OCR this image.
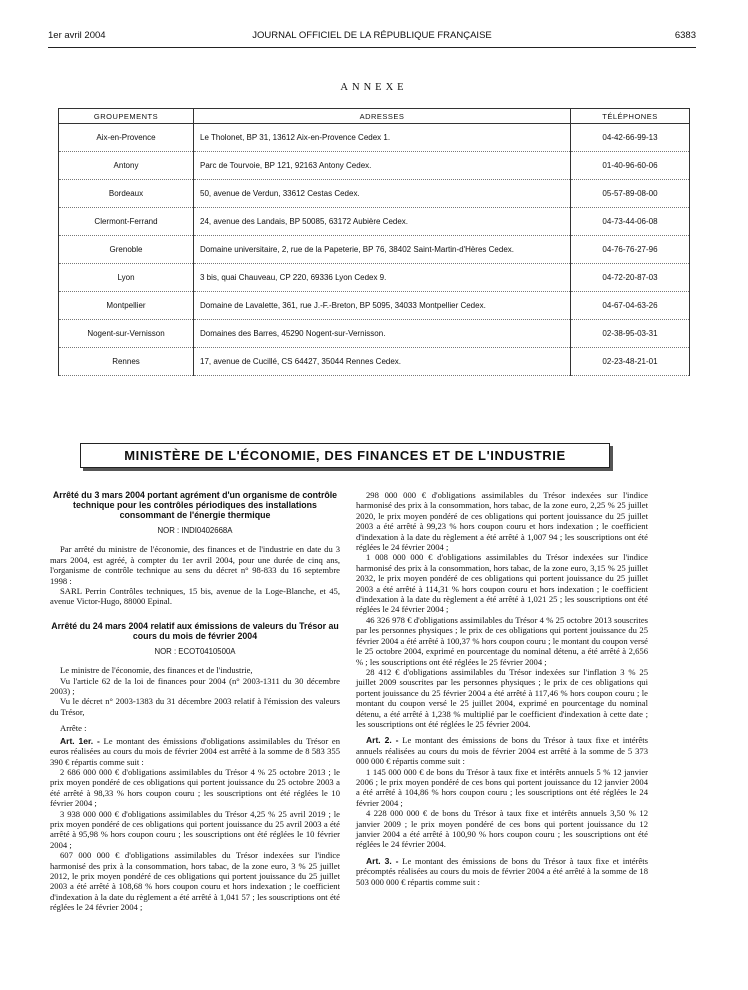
1er avril 2004	JOURNAL OFFICIEL DE LA RÉPUBLIQUE FRANÇAISE	6383
ANNEXE
GROUPEMENTS	ADRESSES	TÉLÉPHONES
Aix-en-Provence	Le Tholonet, BP 31, 13612 Aix-en-Provence Cedex 1.	04-42-66-99-13
Antony	Parc de Tourvoie, BP 121, 92163 Antony Cedex.	01-40-96-60-06
Bordeaux	50, avenue de Verdun, 33612 Cestas Cedex.	05-57-89-08-00
Clermont-Ferrand	24, avenue des Landais, BP 50085, 63172 Aubière Cedex.	04-73-44-06-08
Grenoble	Domaine universitaire, 2, rue de la Papeterie, BP 76, 38402 Saint-Martin-d'Hères Cedex.	04-76-76-27-96
Lyon	3 bis, quai Chauveau, CP 220, 69336 Lyon Cedex 9.	04-72-20-87-03
Montpellier	Domaine de Lavalette, 361, rue J.-F.-Breton, BP 5095, 34033 Montpellier Cedex.	04-67-04-63-26
Nogent-sur-Vernisson	Domaines des Barres, 45290 Nogent-sur-Vernisson.	02-38-95-03-31
Rennes	17, avenue de Cucillé, CS 64427, 35044 Rennes Cedex.	02-23-48-21-01
MINISTÈRE DE L'ÉCONOMIE, DES FINANCES ET DE L'INDUSTRIE
Arrêté du 3 mars 2004 portant agrément d'un organisme de contrôle technique pour les contrôles périodiques des installations consommant de l'énergie thermique
NOR : INDI0402668A

Par arrêté du ministre de l'économie, des finances et de l'industrie en date du 3 mars 2004, est agréé, à compter du 1er avril 2004, pour une durée de cinq ans, l'organisme de contrôle technique au sens du décret n° 98-833 du 16 septembre 1998 :

SARL Perrin Contrôles techniques, 15 bis, avenue de la Loge-Blanche, et 45, avenue Victor-Hugo, 88000 Epinal.

Arrêté du 24 mars 2004 relatif aux émissions de valeurs du Trésor au cours du mois de février 2004
NOR : ECOT0410500A

Le ministre de l'économie, des finances et de l'industrie,

Vu l'article 62 de la loi de finances pour 2004 (n° 2003-1311 du 30 décembre 2003) ;

Vu le décret n° 2003-1383 du 31 décembre 2003 relatif à l'émission des valeurs du Trésor,

Arrête :

Art. 1er. - Le montant des émissions d'obligations assimilables du Trésor en euros réalisées au cours du mois de février 2004 est arrêté à la somme de 8 583 355 390 € répartis comme suit :

2 686 000 000 € d'obligations assimilables du Trésor 4 % 25 octobre 2013 ; le prix moyen pondéré de ces obligations qui portent jouissance du 25 octobre 2003 a été arrêté à 98,33 % hors coupon couru ; les souscriptions ont été réglées le 10 février 2004 ;

3 938 000 000 € d'obligations assimilables du Trésor 4,25 % 25 avril 2019 ; le prix moyen pondéré de ces obligations qui portent jouissance du 25 avril 2003 a été arrêté à 95,98 % hors coupon couru ; les souscriptions ont été réglées le 10 février 2004 ;

607 000 000 € d'obligations assimilables du Trésor indexées sur l'indice harmonisé des prix à la consommation, hors tabac, de la zone euro, 3 % 25 juillet 2012, le prix moyen pondéré de ces obligations qui portent jouissance du 25 juillet 2003 a été arrêté à 108,68 % hors coupon couru et hors indexation ; le coefficient d'indexation à la date du règlement a été arrêté à 1,041 57 ; les souscriptions ont été réglées le 24 février 2004 ;

298 000 000 € d'obligations assimilables du Trésor indexées sur l'indice harmonisé des prix à la consommation, hors tabac, de la zone euro, 2,25 % 25 juillet 2020, le prix moyen pondéré de ces obligations qui portent jouissance du 25 juillet 2003 a été arrêté à 99,23 % hors coupon couru et hors indexation ; le coefficient d'indexation à la date du règlement a été arrêté à 1,007 94 ; les souscriptions ont été réglées le 24 février 2004 ;

1 008 000 000 € d'obligations assimilables du Trésor indexées sur l'indice harmonisé des prix à la consommation, hors tabac, de la zone euro, 3,15 % 25 juillet 2032, le prix moyen pondéré de ces obligations qui portent jouissance du 25 juillet 2003 a été arrêté à 114,31 % hors coupon couru et hors indexation ; le coefficient d'indexation à la date du règlement a été arrêté à 1,021 25 ; les souscriptions ont été réglées le 24 février 2004 ;

46 326 978 € d'obligations assimilables du Trésor 4 % 25 octobre 2013 souscrites par les personnes physiques ; le prix de ces obligations qui portent jouissance du 25 février 2004 a été arrêté à 100,37 % hors coupon couru ; le montant du coupon versé le 25 octobre 2004, exprimé en pourcentage du nominal détenu, a été arrêté à 2,656 % ; les souscriptions ont été réglées le 25 février 2004 ;

28 412 € d'obligations assimilables du Trésor indexées sur l'inflation 3 % 25 juillet 2009 souscrites par les personnes physiques ; le prix de ces obligations qui portent jouissance du 25 février 2004 a été arrêté à 117,46 % hors coupon couru ; le montant du coupon versé le 25 juillet 2004, exprimé en pourcentage du nominal détenu, a été arrêté à 1,238 % multiplié par le coefficient d'indexation à cette date ; les souscriptions ont été réglées le 25 février 2004.

Art. 2. - Le montant des émissions de bons du Trésor à taux fixe et intérêts annuels réalisées au cours du mois de février 2004 est arrêté à la somme de 5 373 000 000 € répartis comme suit :

1 145 000 000 € de bons du Trésor à taux fixe et intérêts annuels 5 % 12 janvier 2006 ; le prix moyen pondéré de ces bons qui portent jouissance du 12 janvier 2004 a été arrêté à 104,86 % hors coupon couru ; les souscriptions ont été réglées le 24 février 2004 ;

4 228 000 000 € de bons du Trésor à taux fixe et intérêts annuels 3,50 % 12 janvier 2009 ; le prix moyen pondéré de ces bons qui portent jouissance du 12 janvier 2004 a été arrêté à 100,90 % hors coupon couru ; les souscriptions ont été réglées le 24 février 2004.

Art. 3. - Le montant des émissions de bons du Trésor à taux fixe et intérêts précomptés réalisées au cours du mois de février 2004 a été arrêté à la somme de 18 503 000 000 € répartis comme suit :
